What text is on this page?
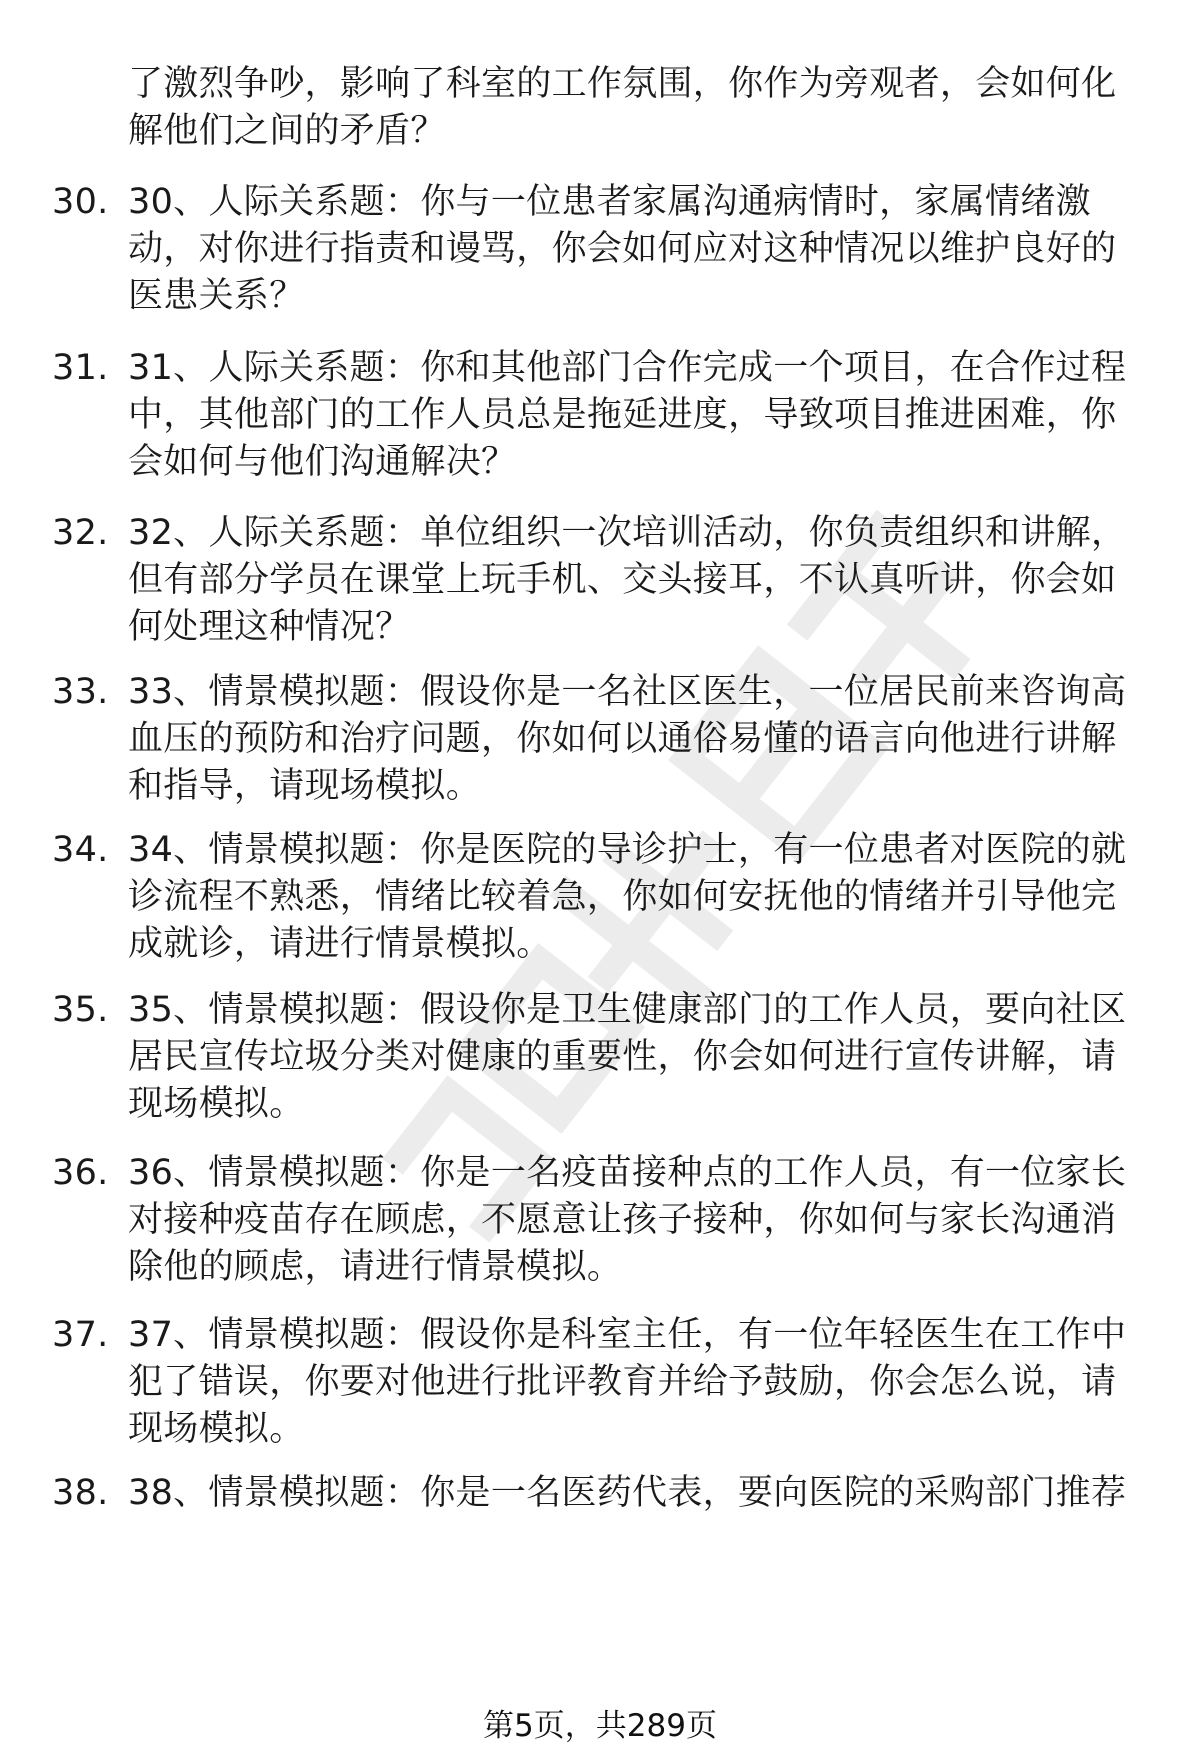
了激烈争吵，影响了科室的工作氛围，你作为旁观者，会如何化
解他们之间的矛盾？
30. 30、人际关系题：你与一位患者家属沟通病情时，家属情绪激
动，对你进行指责和谩骂，你会如何应对这种情况以维护良好的
医患关系？
31. 31、人际关系题：你和其他部门合作完成一个项目，在合作过程
中，其他部门的工作人员总是拖延进度，导致项目推进困难，你
会如何与他们沟通解决？
32. 32、人际关系题：单位组织一次培训活动，你负责组织和讲解，
但有部分学员在课堂上玩手机、交头接耳，不认真听讲，你会如
何处理这种情况？
33. 33、情景模拟题：假设你是一名社区医生，一位居民前来咨询高
血压的预防和治疗问题，你如何以通俗易懂的语言向他进行讲解
和指导，请现场模拟。
34. 34、情景模拟题：你是医院的导诊护士，有一位患者对医院的就
诊流程不熟悉，情绪比较着急，你如何安抚他的情绪并引导他完
成就诊，请进行情景模拟。
35. 35、情景模拟题：假设你是卫生健康部门的工作人员，要向社区
居民宣传垃圾分类对健康的重要性，你会如何进行宣传讲解，请
现场模拟。
36. 36、情景模拟题：你是一名疫苗接种点的工作人员，有一位家长
对接种疫苗存在顾虑，不愿意让孩子接种，你如何与家长沟通消
除他的顾虑，请进行情景模拟。
37. 37、情景模拟题：假设你是科室主任，有一位年轻医生在工作中
犯了错误，你要对他进行批评教育并给予鼓励，你会怎么说，请
现场模拟。
38. 38、情景模拟题：你是一名医药代表，要向医院的采购部门推荐
第5页，共289页
